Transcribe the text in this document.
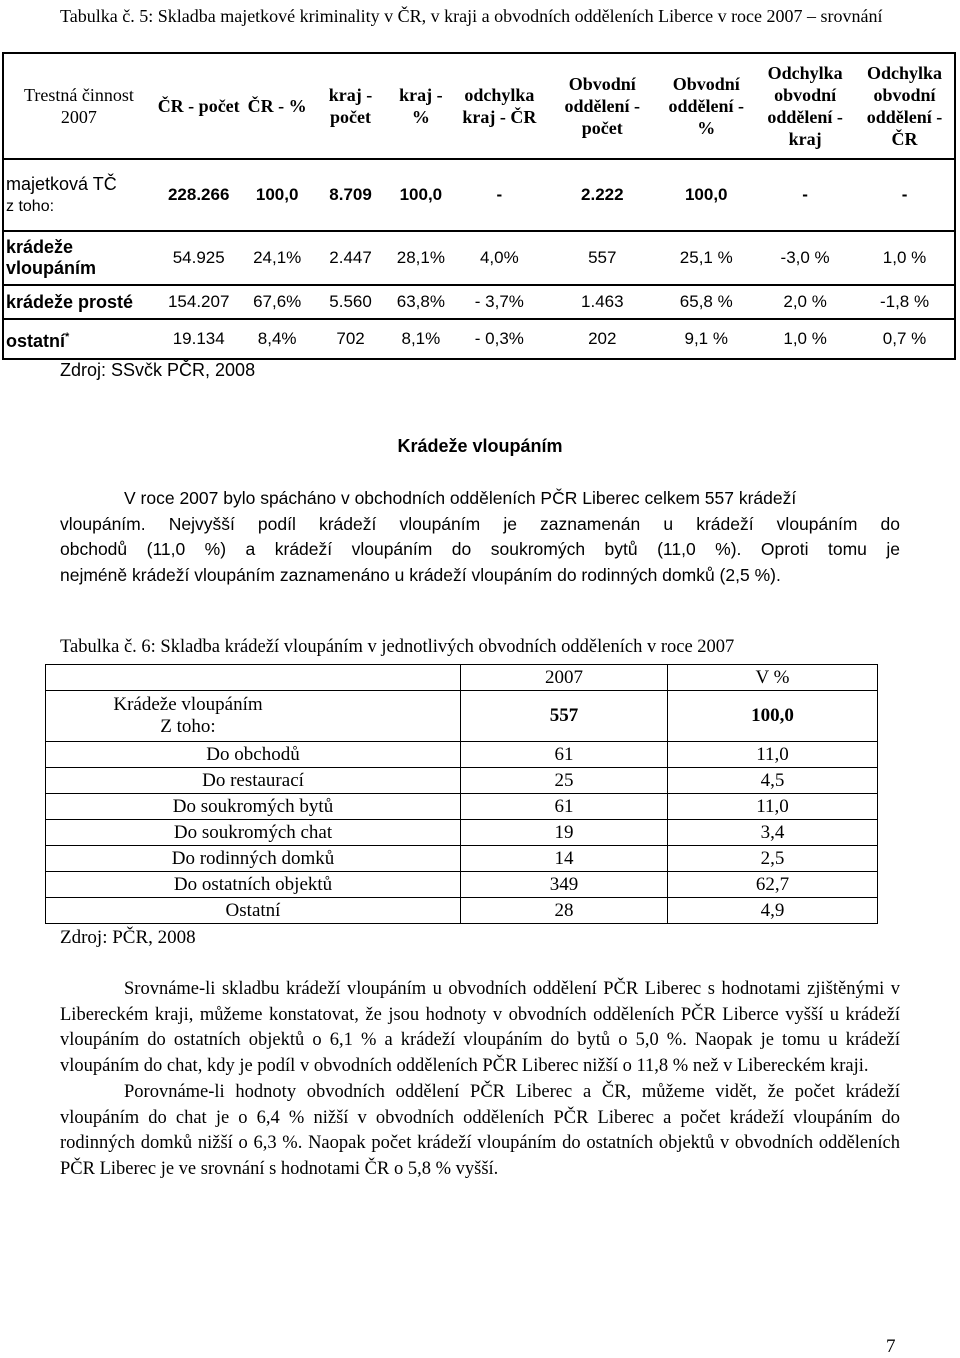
Tabulka č. 5: Skladba majetkové kriminality v ČR, v kraji a obvodních odděleních Liberce v roce 2007 – srovnání
Trestná činnost 2007	ČR - počet	ČR - %	kraj - počet	kraj - %	odchylka kraj - ČR	Obvodní oddělení - počet	Obvodní oddělení - %	Odchylka obvodní oddělení - kraj	Odchylka obvodní oddělení - ČR
majetková TČ
z toho:	228.266	100,0	8.709	100,0	-	2.222	100,0	-	-
krádeže vloupáním	54.925	24,1%	2.447	28,1%	4,0%	557	25,1 %	-3,0 %	1,0 %
krádeže prosté	154.207	67,6%	5.560	63,8%	- 3,7%	1.463	65,8 %	2,0 %	-1,8 %
ostatní*	19.134	8,4%	702	8,1%	- 0,3%	202	9,1 %	1,0 %	0,7 %
Zdroj: SSvčk PČR, 2008
Krádeže vloupáním
V roce 2007 bylo spácháno v obchodních odděleních PČR Liberec celkem 557 krádeží
vloupáním. Nejvyšší podíl krádeží vloupáním je zaznamenán u krádeží vloupáním do
obchodů (11,0 %) a krádeží vloupáním do soukromých bytů (11,0 %). Oproti tomu je
nejméně krádeží vloupáním zaznamenáno u krádeží vloupáním do rodinných domků (2,5 %).
Tabulka č. 6: Skladba krádeží vloupáním v jednotlivých obvodních odděleních v roce 2007
	2007	V %

Krádeže vloupáním
Z toho:	557	100,0
Do obchodů	61	11,0
Do restaurací	25	4,5
Do soukromých bytů	61	11,0
Do soukromých chat	19	3,4
Do rodinných domků	14	2,5
Do ostatních objektů	349	62,7
Ostatní	28	4,9
Zdroj: PČR, 2008

Srovnáme-li skladbu krádeží vloupáním u obvodních oddělení PČR Liberec s hodnotami zjištěnými v Libereckém kraji, můžeme konstatovat, že jsou hodnoty v obvodních odděleních PČR Liberce vyšší u krádeží vloupáním do ostatních objektů o 6,1 % a krádeží vloupáním do bytů o 5,0 %. Naopak je tomu u krádeží vloupáním do chat, kdy je podíl v obvodních odděleních PČR Liberec nižší o 11,8 % než v Libereckém kraji.

Porovnáme-li hodnoty obvodních oddělení PČR Liberec a ČR, můžeme vidět, že počet krádeží vloupáním do chat je o 6,4 % nižší v obvodních odděleních PČR Liberec a počet krádeží vloupáním do rodinných domků nižší o 6,3 %. Naopak počet krádeží vloupáním do ostatních objektů v obvodních odděleních PČR Liberec je ve srovnání s hodnotami ČR o 5,8 % vyšší.

7
